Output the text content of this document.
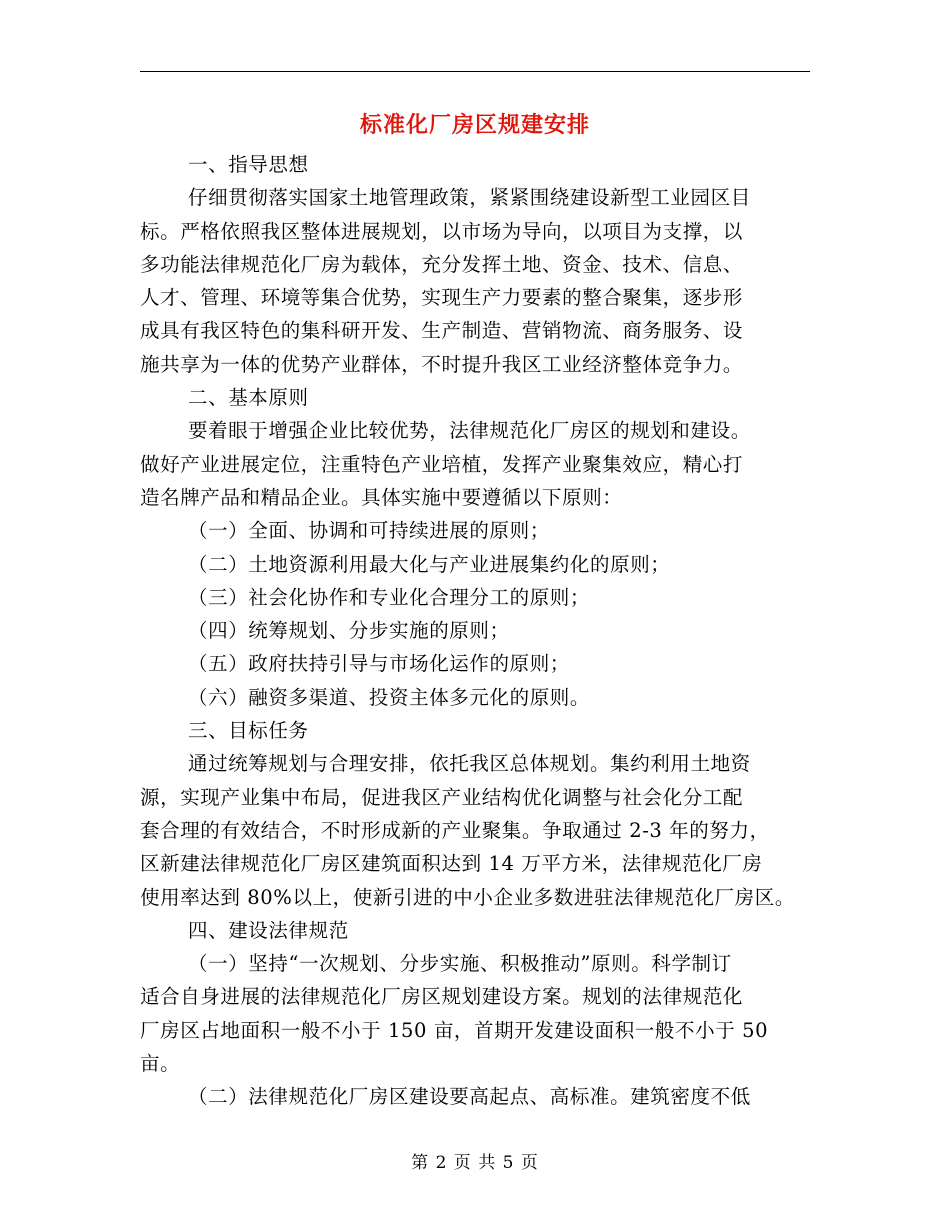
标准化厂房区规建安排
一、指导思想
仔细贯彻落实国家土地管理政策，紧紧围绕建设新型工业园区目
标。严格依照我区整体进展规划，以市场为导向，以项目为支撑，以
多功能法律规范化厂房为载体，充分发挥土地、资金、技术、信息、
人才、管理、环境等集合优势，实现生产力要素的整合聚集，逐步形
成具有我区特色的集科研开发、生产制造、营销物流、商务服务、设
施共享为一体的优势产业群体，不时提升我区工业经济整体竞争力。
二、基本原则
要着眼于增强企业比较优势，法律规范化厂房区的规划和建设。
做好产业进展定位，注重特色产业培植，发挥产业聚集效应，精心打
造名牌产品和精品企业。具体实施中要遵循以下原则：
（一）全面、协调和可持续进展的原则；
（二）土地资源利用最大化与产业进展集约化的原则；
（三）社会化协作和专业化合理分工的原则；
（四）统筹规划、分步实施的原则；
（五）政府扶持引导与市场化运作的原则；
（六）融资多渠道、投资主体多元化的原则。
三、目标任务
通过统筹规划与合理安排，依托我区总体规划。集约利用土地资
源，实现产业集中布局，促进我区产业结构优化调整与社会化分工配
套合理的有效结合，不时形成新的产业聚集。争取通过 2-3 年的努力，
区新建法律规范化厂房区建筑面积达到 14 万平方米，法律规范化厂房
使用率达到 80%以上，使新引进的中小企业多数进驻法律规范化厂房区。
四、建设法律规范
（一）坚持“一次规划、分步实施、积极推动”原则。科学制订
适合自身进展的法律规范化厂房区规划建设方案。规划的法律规范化
厂房区占地面积一般不小于 150 亩，首期开发建设面积一般不小于 50
亩。
（二）法律规范化厂房区建设要高起点、高标准。建筑密度不低
第 2 页 共 5 页
